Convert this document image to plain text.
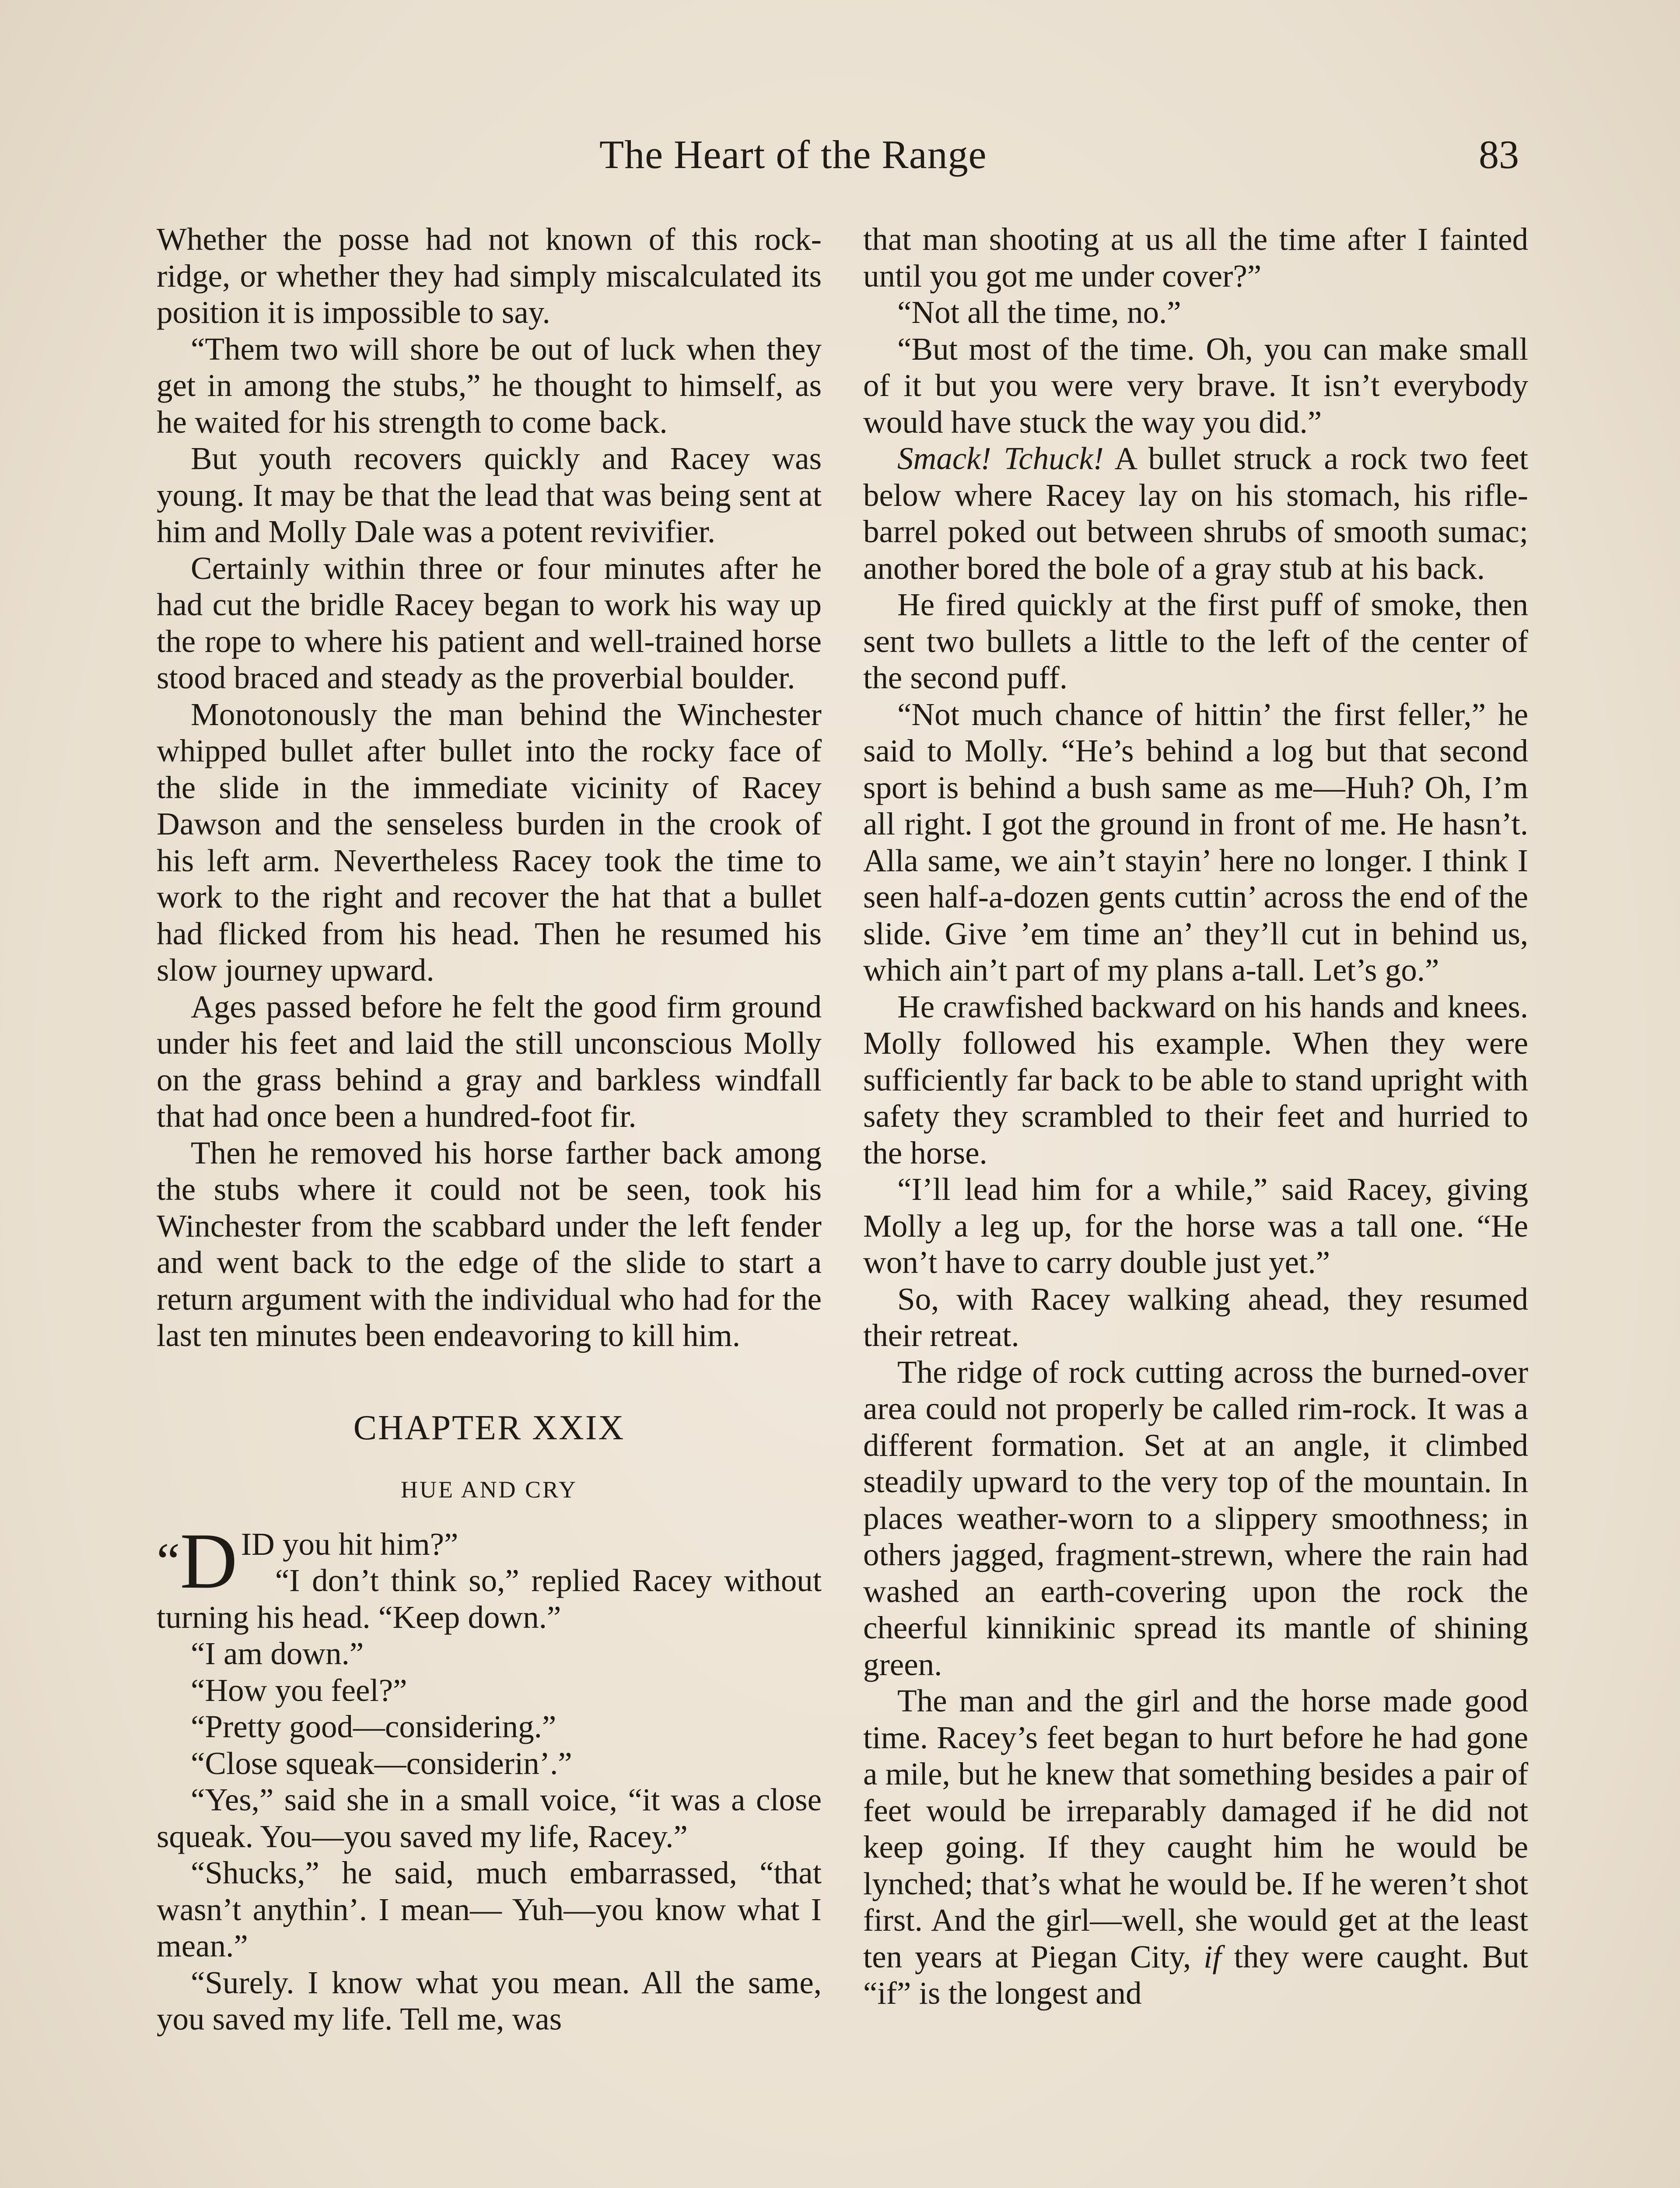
The Heart of the Range	83

Whether the posse had not known of this rock-ridge, or whether they had simply miscalculated its position it is impossible to say.

“Them two will shore be out of luck when they get in among the stubs,” he thought to himself, as he waited for his strength to come back.

But youth recovers quickly and Racey was young. It may be that the lead that was being sent at him and Molly Dale was a potent revivifier.

Certainly within three or four minutes after he had cut the bridle Racey began to work his way up the rope to where his patient and well-trained horse stood braced and steady as the proverbial boulder.

Monotonously the man behind the Winchester whipped bullet after bullet into the rocky face of the slide in the immediate vicinity of Racey Dawson and the senseless burden in the crook of his left arm. Nevertheless Racey took the time to work to the right and recover the hat that a bullet had flicked from his head. Then he resumed his slow journey upward.

Ages passed before he felt the good firm ground under his feet and laid the still unconscious Molly on the grass behind a gray and barkless windfall that had once been a hundred-foot fir.

Then he removed his horse farther back among the stubs where it could not be seen, took his Winchester from the scabbard under the left fender and went back to the edge of the slide to start a return argument with the individual who had for the last ten minutes been endeavoring to kill him.

CHAPTER XXIX
HUE AND CRY

“D ID you hit him?”

“I don’t think so,” replied Racey without turning his head. “Keep down.”

“I am down.”

“How you feel?”

“Pretty good—considering.”

“Close squeak—considerin’.”

“Yes,” said she in a small voice, “it was a close squeak. You—you saved my life, Racey.”

“Shucks,” he said, much embarrassed, “that wasn’t anythin’. I mean— Yuh—you know what I mean.”

“Surely. I know what you mean. All the same, you saved my life. Tell me, was

that man shooting at us all the time after I fainted until you got me under cover?”

“Not all the time, no.”

“But most of the time. Oh, you can make small of it but you were very brave. It isn’t everybody would have stuck the way you did.”

Smack! Tchuck! A bullet struck a rock two feet below where Racey lay on his stomach, his rifle-barrel poked out between shrubs of smooth sumac; another bored the bole of a gray stub at his back.

He fired quickly at the first puff of smoke, then sent two bullets a little to the left of the center of the second puff.

“Not much chance of hittin’ the first feller,” he said to Molly. “He’s behind a log but that second sport is behind a bush same as me—Huh? Oh, I’m all right. I got the ground in front of me. He hasn’t. Alla same, we ain’t stayin’ here no longer. I think I seen half-a-dozen gents cuttin’ across the end of the slide. Give ’em time an’ they’ll cut in behind us, which ain’t part of my plans a-tall. Let’s go.”

He crawfished backward on his hands and knees. Molly followed his example. When they were sufficiently far back to be able to stand upright with safety they scrambled to their feet and hurried to the horse.

“I’ll lead him for a while,” said Racey, giving Molly a leg up, for the horse was a tall one. “He won’t have to carry double just yet.”

So, with Racey walking ahead, they resumed their retreat.

The ridge of rock cutting across the burned-over area could not properly be called rim-rock. It was a different formation. Set at an angle, it climbed steadily upward to the very top of the mountain. In places weather-worn to a slippery smoothness; in others jagged, fragment-strewn, where the rain had washed an earth-covering upon the rock the cheerful kinnikinic spread its mantle of shining green.

The man and the girl and the horse made good time. Racey’s feet began to hurt before he had gone a mile, but he knew that something besides a pair of feet would be irreparably damaged if he did not keep going. If they caught him he would be lynched; that’s what he would be. If he weren’t shot first. And the girl—well, she would get at the least ten years at Piegan City, if they were caught. But “if” is the longest and
